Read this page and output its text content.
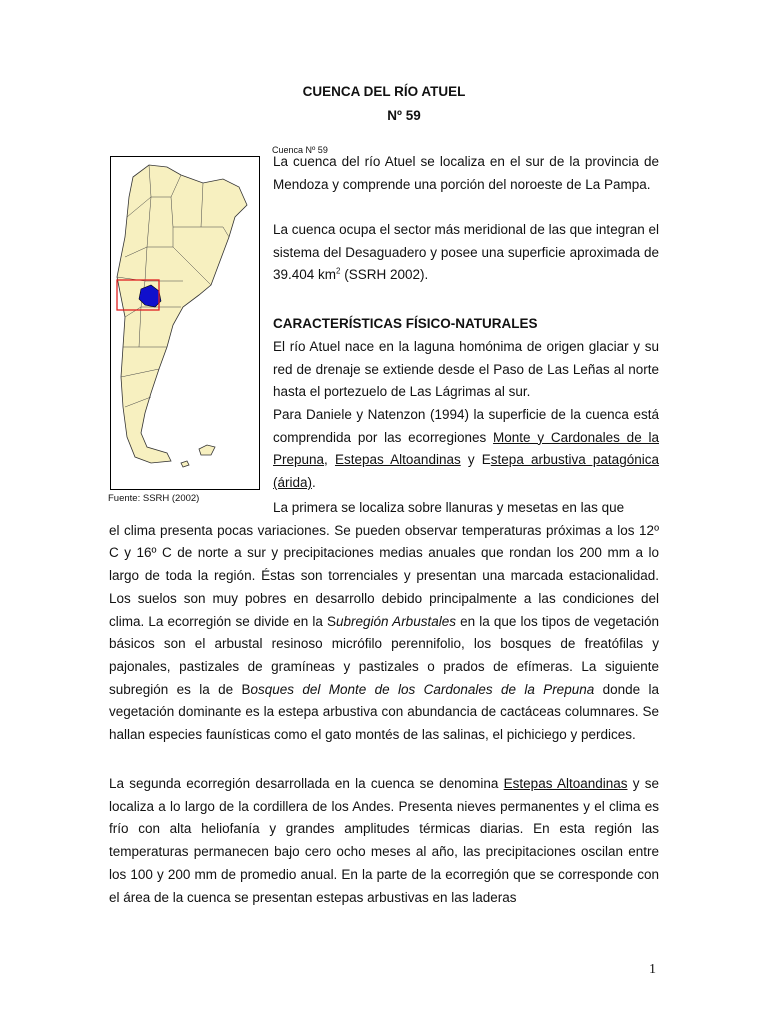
CUENCA DEL RÍO ATUEL
Nº 59
Cuenca Nº 59
Fuente: SSRH (2002)

La cuenca del río Atuel se localiza en el sur de la provincia de Mendoza y comprende una porción del noroeste de La Pampa.

La cuenca ocupa el sector más meridional de las que integran el sistema del Desaguadero y posee una superficie aproximada de 39.404 $km^2$ (SSRH 2002).

CARACTERÍSTICAS FÍSICO-NATURALES

El río Atuel nace en la laguna homónima de origen glaciar y su red de drenaje se extiende desde el Paso de Las Leñas al norte hasta el portezuelo de Las Lágrimas al sur.

Para Daniele y Natenzon (1994) la superficie de la cuenca está comprendida por las ecorregiones Monte y Cardonales de la Prepuna, Estepas Altoandinas y Estepa arbustiva patagónica (árida).

La primera se localiza sobre llanuras y mesetas en las que

el clima presenta pocas variaciones. Se pueden observar temperaturas próximas a los 12º C y 16º C de norte a sur y precipitaciones medias anuales que rondan los 200 mm a lo largo de toda la región. Éstas son torrenciales y presentan una marcada estacionalidad. Los suelos son muy pobres en desarrollo debido principalmente a las condiciones del clima. La ecorregión se divide en la Subregión Arbustales en la que los tipos de vegetación básicos son el arbustal resinoso micrófilo perennifolio, los bosques de freatófilas y pajonales, pastizales de gramíneas y pastizales o prados de efímeras. La siguiente subregión es la de Bosques del Monte de los Cardonales de la Prepuna donde la vegetación dominante es la estepa arbustiva con abundancia de cactáceas columnares. Se hallan especies faunísticas como el gato montés de las salinas, el pichiciego y perdices.

La segunda ecorregión desarrollada en la cuenca se denomina Estepas Altoandinas y se localiza a lo largo de la cordillera de los Andes. Presenta nieves permanentes y el clima es frío con alta heliofanía y grandes amplitudes térmicas diarias. En esta región las temperaturas permanecen bajo cero ocho meses al año, las precipitaciones oscilan entre los 100 y 200 mm de promedio anual. En la parte de la ecorregión que se corresponde con el área de la cuenca se presentan estepas arbustivas en las laderas

1
